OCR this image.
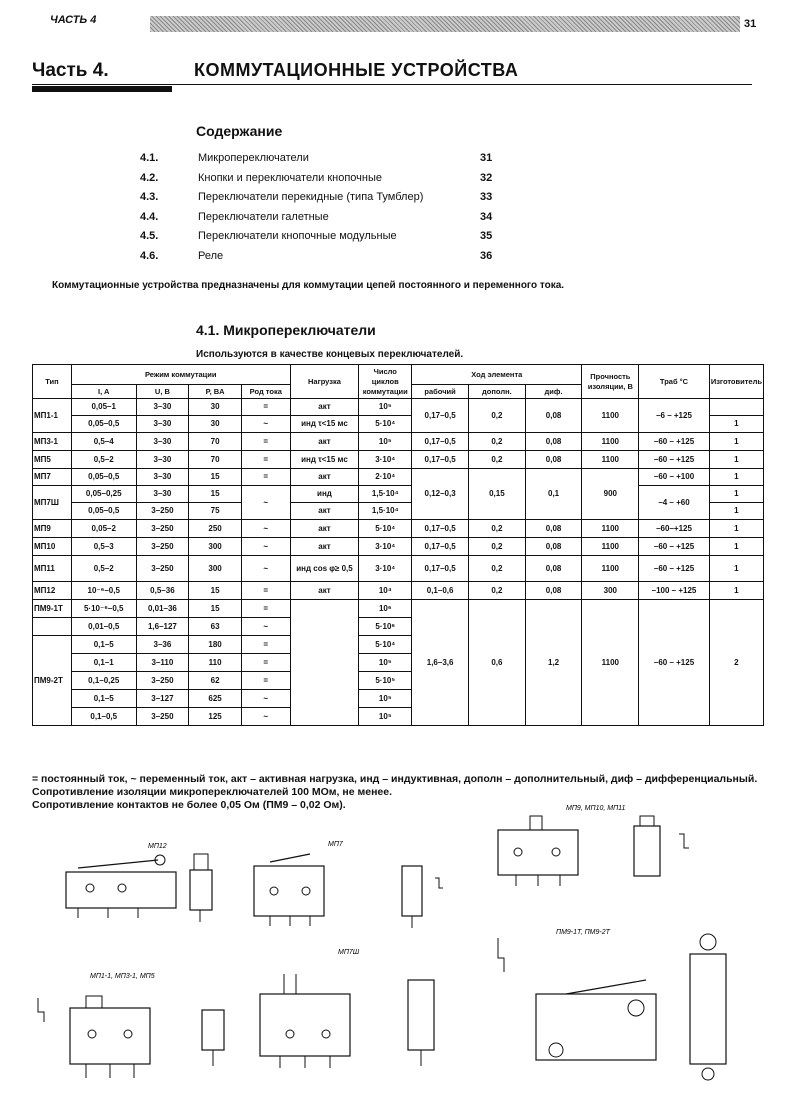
ЧАСТЬ 4	31
Часть 4.	КОММУТАЦИОННЫЕ УСТРОЙСТВА
Содержание
4.1.	Микропереключатели	31
4.2.	Кнопки и переключатели кнопочные	32
4.3.	Переключатели перекидные (типа Тумблер)	33
4.4.	Переключатели галетные	34
4.5.	Переключатели кнопочные модульные	35
4.6.	Реле	36
Коммутационные устройства предназначены для коммутации цепей постоянного и переменного тока.
4.1. Микропереключатели
Используются в качестве концевых переключателей.
Тип	Режим коммутации				Нагрузка	Число циклов коммутации	Ход элемента			Прочность изоляции, В	Траб °С	Изготовитель
	I, A	U, B	P, BA	Род тока			рабочий	дополн.	диф.			
МП1-1	0,05–1	3–30	30	=	акт	10⁵	0,17–0,5	0,2	0,08	1100	–6 – +125	
	0,05–0,5	3–30	30	~	инд τ<15 мс	5·10⁴						1
МП3-1	0,5–4	3–30	70	=	акт	10⁵	0,17–0,5	0,2	0,08	1100	–60 – +125	1
МП5	0,5–2	3–30	70	=	инд τ<15 мс	3·10⁴	0,17–0,5	0,2	0,08	1100	–60 – +125	1
МП7	0,05–0,5	3–30	15	=	акт	2·10⁴	0,12–0,3	0,15	0,1	900	–60 – +100	1
МП7Ш	0,05–0,25	3–30	15	~	инд	1,5·10⁴					–4 – +60	1
	0,05–0,5	3–250	75		акт	1,5·10⁴						1
МП9	0,05–2	3–250	250	~	акт	5·10⁴	0,17–0,5	0,2	0,08	1100	–60–+125	1
МП10	0,5–3	3–250	300	~	акт	3·10⁴	0,17–0,5	0,2	0,08	1100	–60 – +125	1
МП11	0,5–2	3–250	300	~	инд cos φ≥ 0,5	3·10⁴	0,17–0,5	0,2	0,08	1100	–60 – +125	1
МП12	10⁻⁶–0,5	0,5–36	15	=	акт	10⁴	0,1–0,6	0,2	0,08	300	–100 – +125	1
ПМ9-1Т	5·10⁻⁶–0,5	0,01–36	15	=		10⁶	1,6–3,6	0,6	1,2	1100	–60 – +125	2
	0,01–0,5	1,6–127	63	~		5·10⁶						
ПМ9-2Т	0,1–5	3–36	180	=		5·10⁴						
	0,1–1	3–110	110	=		10⁵						
	0,1–0,25	3–250	62	=		5·10⁵						
	0,1–5	3–127	625	~		10⁵						
	0,1–0,5	3–250	125	~		10⁵						
= постоянный ток, ~ переменный ток, акт – активная нагрузка, инд – индуктивная, дополн – дополнительный, диф – дифференциальный.
Сопротивление изоляции микропереключателей 100 МОм, не менее.
Сопротивление контактов не более 0,05 Ом (ПМ9 – 0,02 Ом).
МП12	МП7
МП9, МП10, МП11
МП1-1, МП3-1, МП5
МП7Ш
ПМ9-1Т, ПМ9-2Т
